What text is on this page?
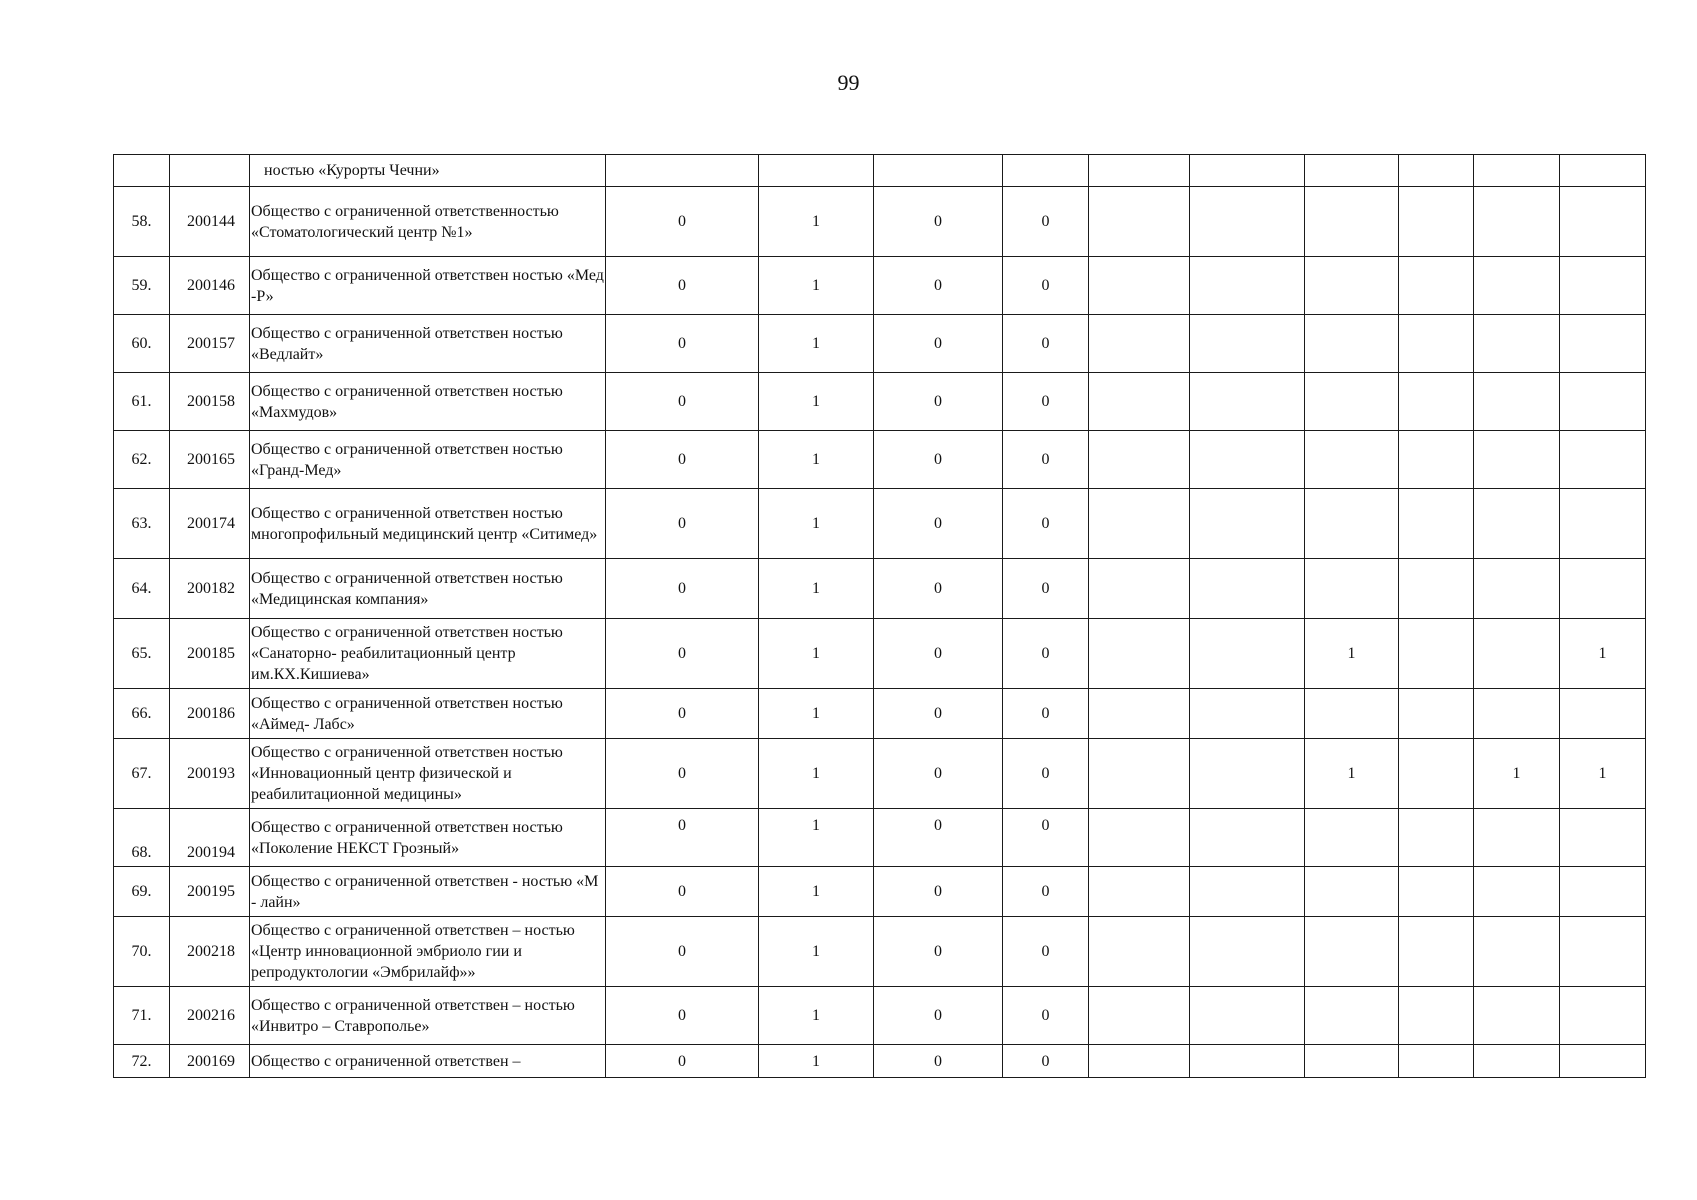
99
		ностью «Курорты Чечни»										
58.	200144	Общество с ограниченной ответственностью «Стоматологический центр №1»	0	1	0	0						
59.	200146	Общество с ограниченной ответствен ностью «Мед -Р»	0	1	0	0						
60.	200157	Общество с ограниченной ответствен ностью «Ведлайт»	0	1	0	0						
61.	200158	Общество с ограниченной ответствен ностью «Махмудов»	0	1	0	0						
62.	200165	Общество с ограниченной ответствен ностью «Гранд-Мед»	0	1	0	0						
63.	200174	Общество с ограниченной ответствен ностью многопрофильный медицинский центр «Ситимед»	0	1	0	0						
64.	200182	Общество с ограниченной ответствен ностью «Медицинская компания»	0	1	0	0						
65.	200185	Общество с ограниченной ответствен ностью «Санаторно- реабилитационный центр им.КХ.Кишиева»	0	1	0	0			1			1
66.	200186	Общество с ограниченной ответствен ностью «Аймед- Лабс»	0	1	0	0						
67.	200193	Общество с ограниченной ответствен ностью «Инновационный центр физической и реабилитационной медицины»	0	1	0	0			1		1	1
68.	200194	Общество с ограниченной ответствен ностью «Поколение НЕКСТ Грозный»	0	1	0	0						
69.	200195	Общество с ограниченной ответствен - ностью «М - лайн»	0	1	0	0						
70.	200218	Общество с ограниченной ответствен – ностью «Центр инновационной эмбриоло гии и репродуктологии «Эмбрилайф»»	0	1	0	0						
71.	200216	Общество с ограниченной ответствен – ностью «Инвитро – Ставрополье»	0	1	0	0						
72.	200169	Общество с ограниченной ответствен –	0	1	0	0						
